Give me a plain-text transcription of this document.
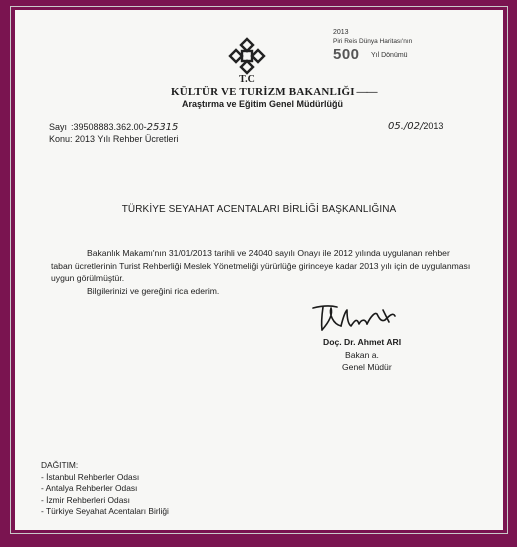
T.C
KÜLTÜR VE TURİZM BAKANLIĞI ——
Araştırma ve Eğitim Genel Müdürlüğü
2013
Piri Reis Dünya Haritası'nın
500 Yıl Dönümü
Sayı :39508883.362.00-25315
Konu: 2013 Yılı Rehber Ücretleri
05./02/2013
TÜRKİYE SEYAHAT ACENTALARI BİRLİĞİ BAŞKANLIĞINA

Bakanlık Makamı'nın 31/01/2013 tarihli ve 24040 sayılı Onayı ile 2012 yılında uygulanan rehber taban ücretlerinin Turist Rehberliği Meslek Yönetmeliği yürürlüğe girinceye kadar 2013 yılı için de uygulanması uygun görülmüştür.

Bilgilerinizi ve gereğini rica ederim.

Doç. Dr. Ahmet ARI
Bakan a.
Genel Müdür
DAĞITIM:
- İstanbul Rehberler Odası
- Antalya Rehberler Odası
- İzmir Rehberleri Odası
- Türkiye Seyahat Acentaları Birliği
